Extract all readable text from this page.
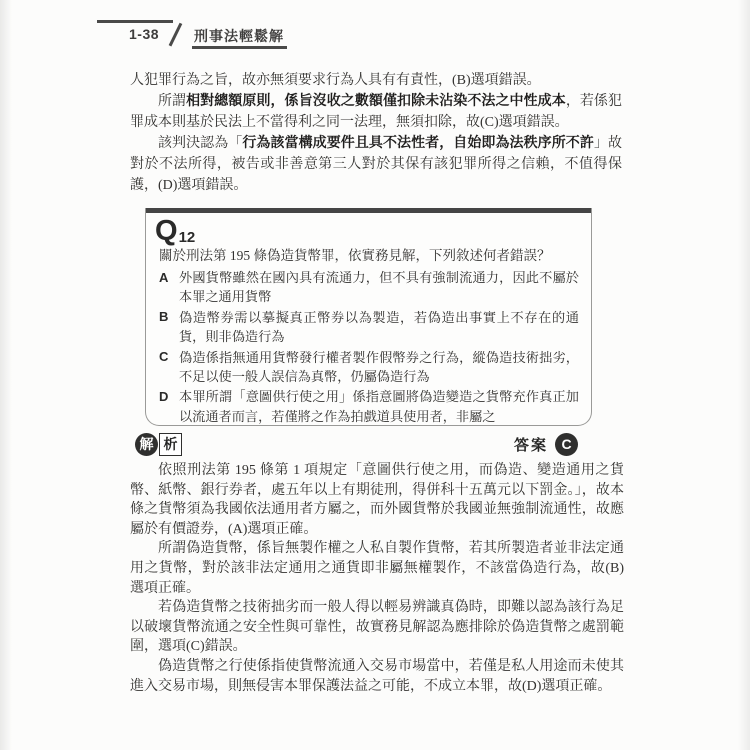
1-38 刑事法輕鬆解

人犯罪行為之旨，故亦無須要求行為人具有有責性，(B)選項錯誤。

所謂相對總額原則，係旨沒收之數額僅扣除未沾染不法之中性成本，若係犯罪成本則基於民法上不當得利之同一法理，無須扣除，故(C)選項錯誤。

該判決認為「行為該當構成要件且具不法性者，自始即為法秩序所不許」故對於不法所得，被告或非善意第三人對於其保有該犯罪所得之信賴，不值得保護，(D)選項錯誤。

Q12

關於刑法第 195 條偽造貨幣罪，依實務見解，下列敘述何者錯誤？

A 外國貨幣雖然在國內具有流通力，但不具有強制流通力，因此不屬於本罪之通用貨幣
B 偽造幣券需以摹擬真正幣券以為製造，若偽造出事實上不存在的通貨，則非偽造行為
C 偽造係指無通用貨幣發行權者製作假幣券之行為，縱偽造技術拙劣，不足以使一般人誤信為真幣，仍屬偽造行為
D 本罪所謂「意圖供行使之用」係指意圖將偽造變造之貨幣充作真正加以流通者而言，若僅將之作為拍戲道具使用者，非屬之
解 析	答案 C

依照刑法第 195 條第 1 項規定「意圖供行使之用，而偽造、變造通用之貨幣、紙幣、銀行券者，處五年以上有期徒刑，得併科十五萬元以下罰金。」，故本條之貨幣須為我國依法通用者方屬之，而外國貨幣於我國並無強制流通性，故應屬於有價證券，(A)選項正確。

所謂偽造貨幣，係旨無製作權之人私自製作貨幣，若其所製造者並非法定通用之貨幣，對於該非法定通用之通貨即非屬無權製作，不該當偽造行為，故(B)選項正確。

若偽造貨幣之技術拙劣而一般人得以輕易辨識真偽時，即難以認為該行為足以破壞貨幣流通之安全性與可靠性，故實務見解認為應排除於偽造貨幣之處罰範圍，選項(C)錯誤。

偽造貨幣之行使係指使貨幣流通入交易市場當中，若僅是私人用途而未使其進入交易市場，則無侵害本罪保護法益之可能，不成立本罪，故(D)選項正確。
